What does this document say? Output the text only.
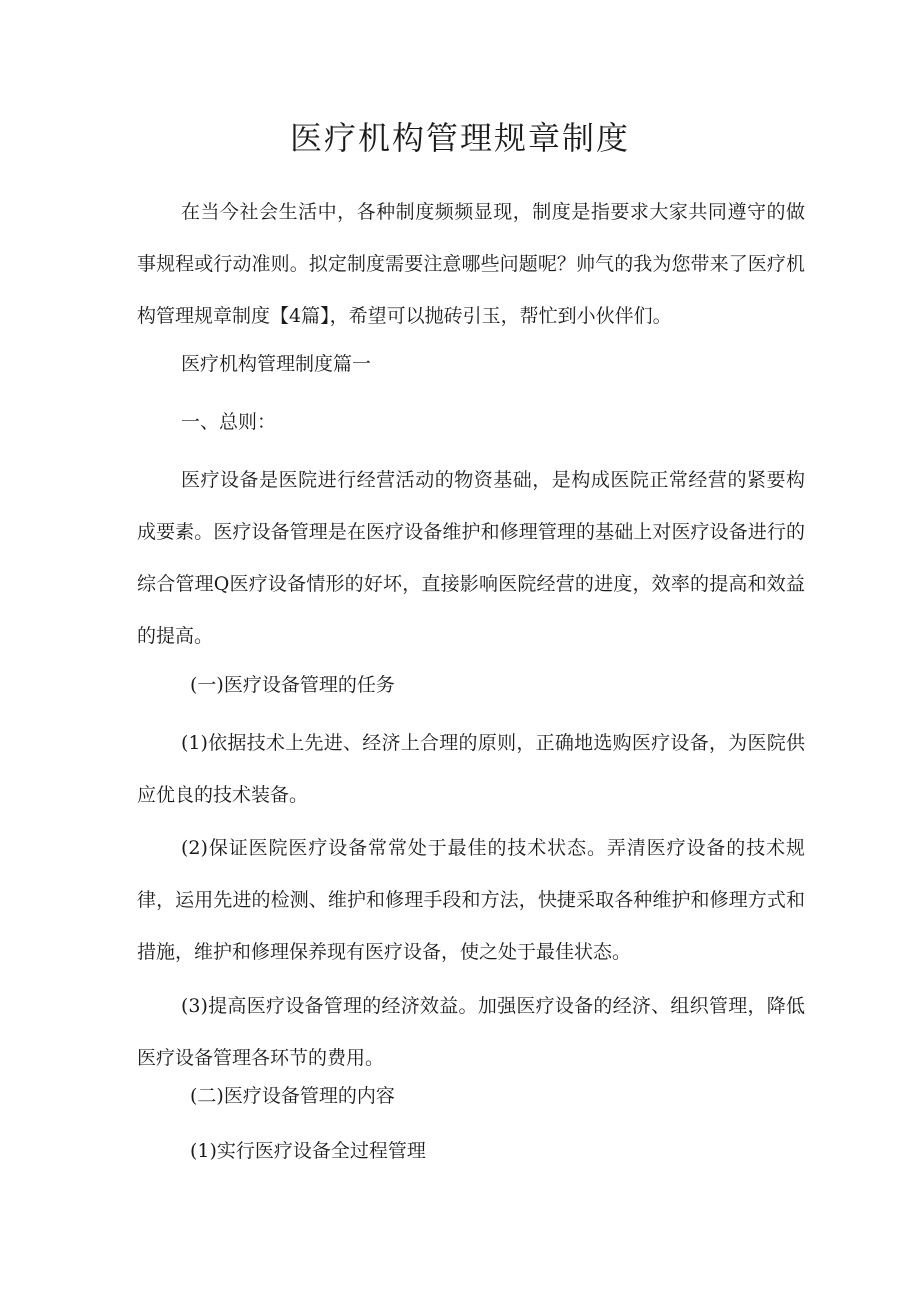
医疗机构管理规章制度

在当今社会生活中，各种制度频频显现，制度是指要求大家共同遵守的做事规程或行动准则。拟定制度需要注意哪些问题呢？帅气的我为您带来了医疗机构管理规章制度【4篇】，希望可以抛砖引玉，帮忙到小伙伴们。

医疗机构管理制度篇一

一、总则：

医疗设备是医院进行经营活动的物资基础，是构成医院正常经营的紧要构成要素。医疗设备管理是在医疗设备维护和修理管理的基础上对医疗设备进行的综合管理Q医疗设备情形的好坏，直接影响医院经营的进度，效率的提高和效益的提高。

(一)医疗设备管理的任务

(1)依据技术上先进、经济上合理的原则，正确地选购医疗设备，为医院供应优良的技术装备。

(2)保证医院医疗设备常常处于最佳的技术状态。弄清医疗设备的技术规律，运用先进的检测、维护和修理手段和方法，快捷采取各种维护和修理方式和措施，维护和修理保养现有医疗设备，使之处于最佳状态。

(3)提高医疗设备管理的经济效益。加强医疗设备的经济、组织管理，降低医疗设备管理各环节的费用。

(二)医疗设备管理的内容

(1)实行医疗设备全过程管理
